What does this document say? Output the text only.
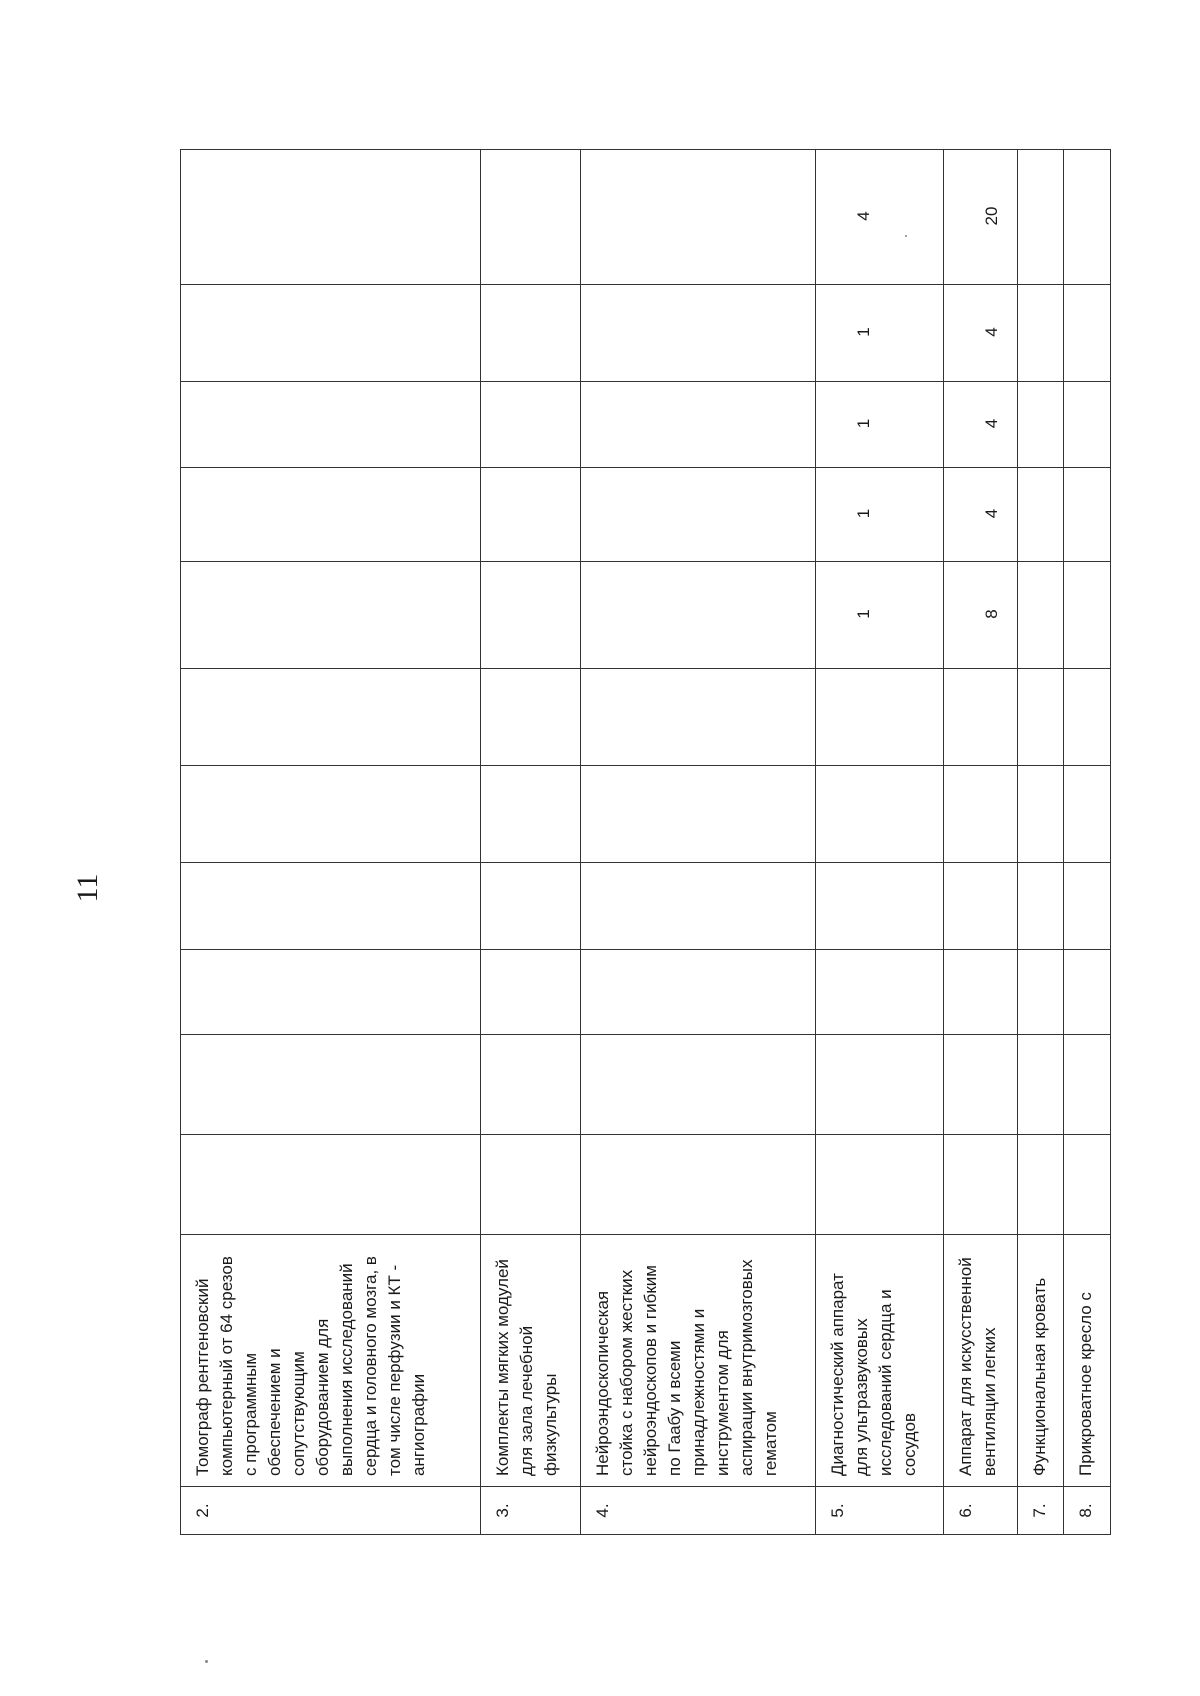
11
2.	Томограф рентгеновский компьютерный от 64 срезов с программным обеспечением и сопутствующим оборудованием для выполнения исследований сердца и головного мозга, в том числе перфузии и КТ - ангиографии											
3.	Комплекты мягких модулей для зала лечебной физкультуры											
4.	Нейроэндоскопическая стойка с набором жестких нейроэндоскопов и гибким по Гаабу и всеми принадлежностями и инструментом для аспирации внутримозговых гематом											
5.	Диагностический аппарат для ультразвуковых исследований сердца и сосудов							1	1	1	1	4
6.	Аппарат для искусственной вентиляции легких							8	4	4	4	20
7.	Функциональная кровать											
8.	Прикроватное кресло с											
